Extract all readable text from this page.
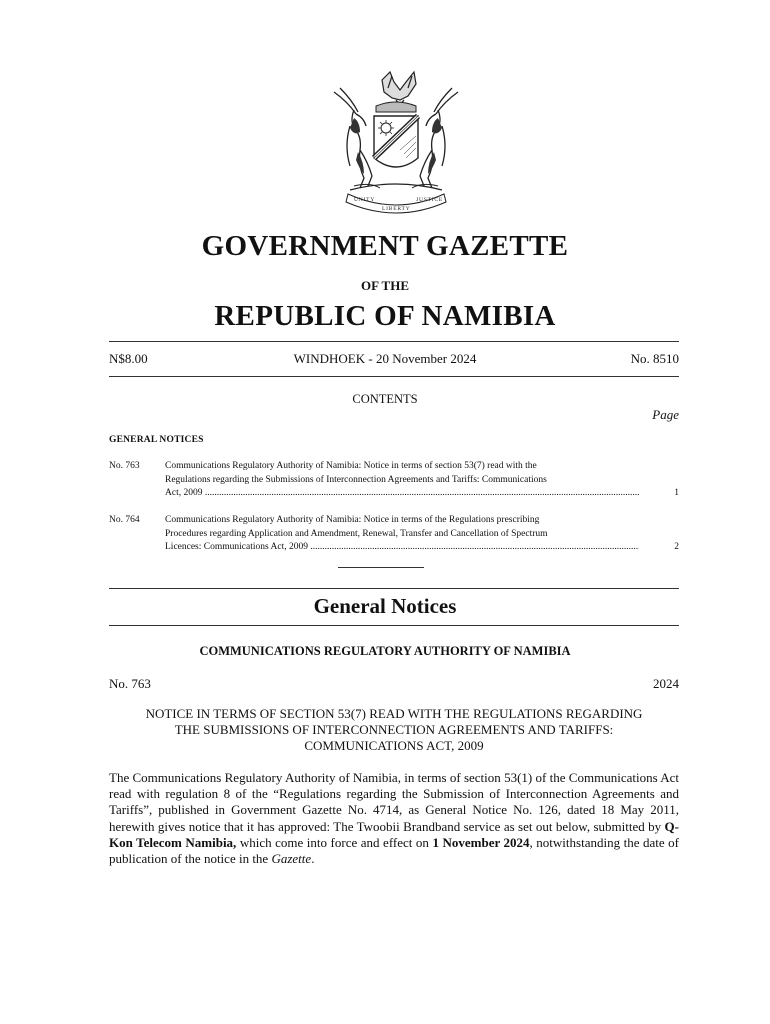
UNITY
LIBERTY
JUSTICE
GOVERNMENT GAZETTE
OF THE
REPUBLIC OF NAMIBIA
N$8.00	WINDHOEK - 20 November 2024	No. 8510
CONTENTS
Page
GENERAL NOTICES
No. 763	Communications Regulatory Authority of Namibia: Notice in terms of section 53(7) read with the
Regulations regarding the Submissions of Interconnection Agreements and Tariffs: Communications
Act, 2009 .....	1
No. 764	Communications Regulatory Authority of Namibia: Notice in terms of the Regulations prescribing
Procedures regarding Application and Amendment, Renewal, Transfer and Cancellation of Spectrum
Licences: Communications Act, 2009 .....	2
General Notices
COMMUNICATIONS REGULATORY AUTHORITY OF NAMIBIA
No. 763	2024
NOTICE IN TERMS OF SECTION 53(7) READ WITH THE REGULATIONS REGARDING
THE SUBMISSIONS OF INTERCONNECTION AGREEMENTS AND TARIFFS:
COMMUNICATIONS ACT, 2009

The Communications Regulatory Authority of Namibia, in terms of section 53(1) of the Communications Act read with regulation 8 of the “Regulations regarding the Submission of Interconnection Agreements and Tariffs”, published in Government Gazette No. 4714, as General Notice No. 126, dated 18 May 2011, herewith gives notice that it has approved: The Twoobii Brandband service as set out below, submitted by Q-Kon Telecom Namibia, which come into force and effect on 1 November 2024, notwithstanding the date of publication of the notice in the Gazette.
